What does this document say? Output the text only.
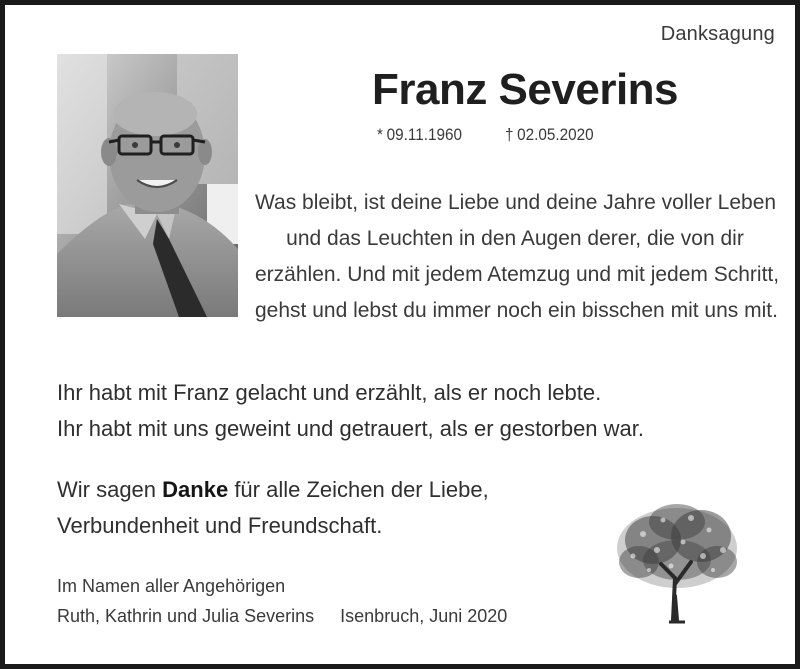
Danksagung
Franz Severins
* 09.11.1960	† 02.05.2020
Was bleibt, ist deine Liebe und deine Jahre voller Leben
und das Leuchten in den Augen derer, die von dir
erzählen. Und mit jedem Atemzug und mit jedem Schritt,
gehst und lebst du immer noch ein bisschen mit uns mit.
Ihr habt mit Franz gelacht und erzählt, als er noch lebte.
Ihr habt mit uns geweint und getrauert, als er gestorben war.
Wir sagen Danke für alle Zeichen der Liebe,
Verbundenheit und Freundschaft.
Im Namen aller Angehörigen
Ruth, Kathrin und Julia Severins Isenbruch, Juni 2020
